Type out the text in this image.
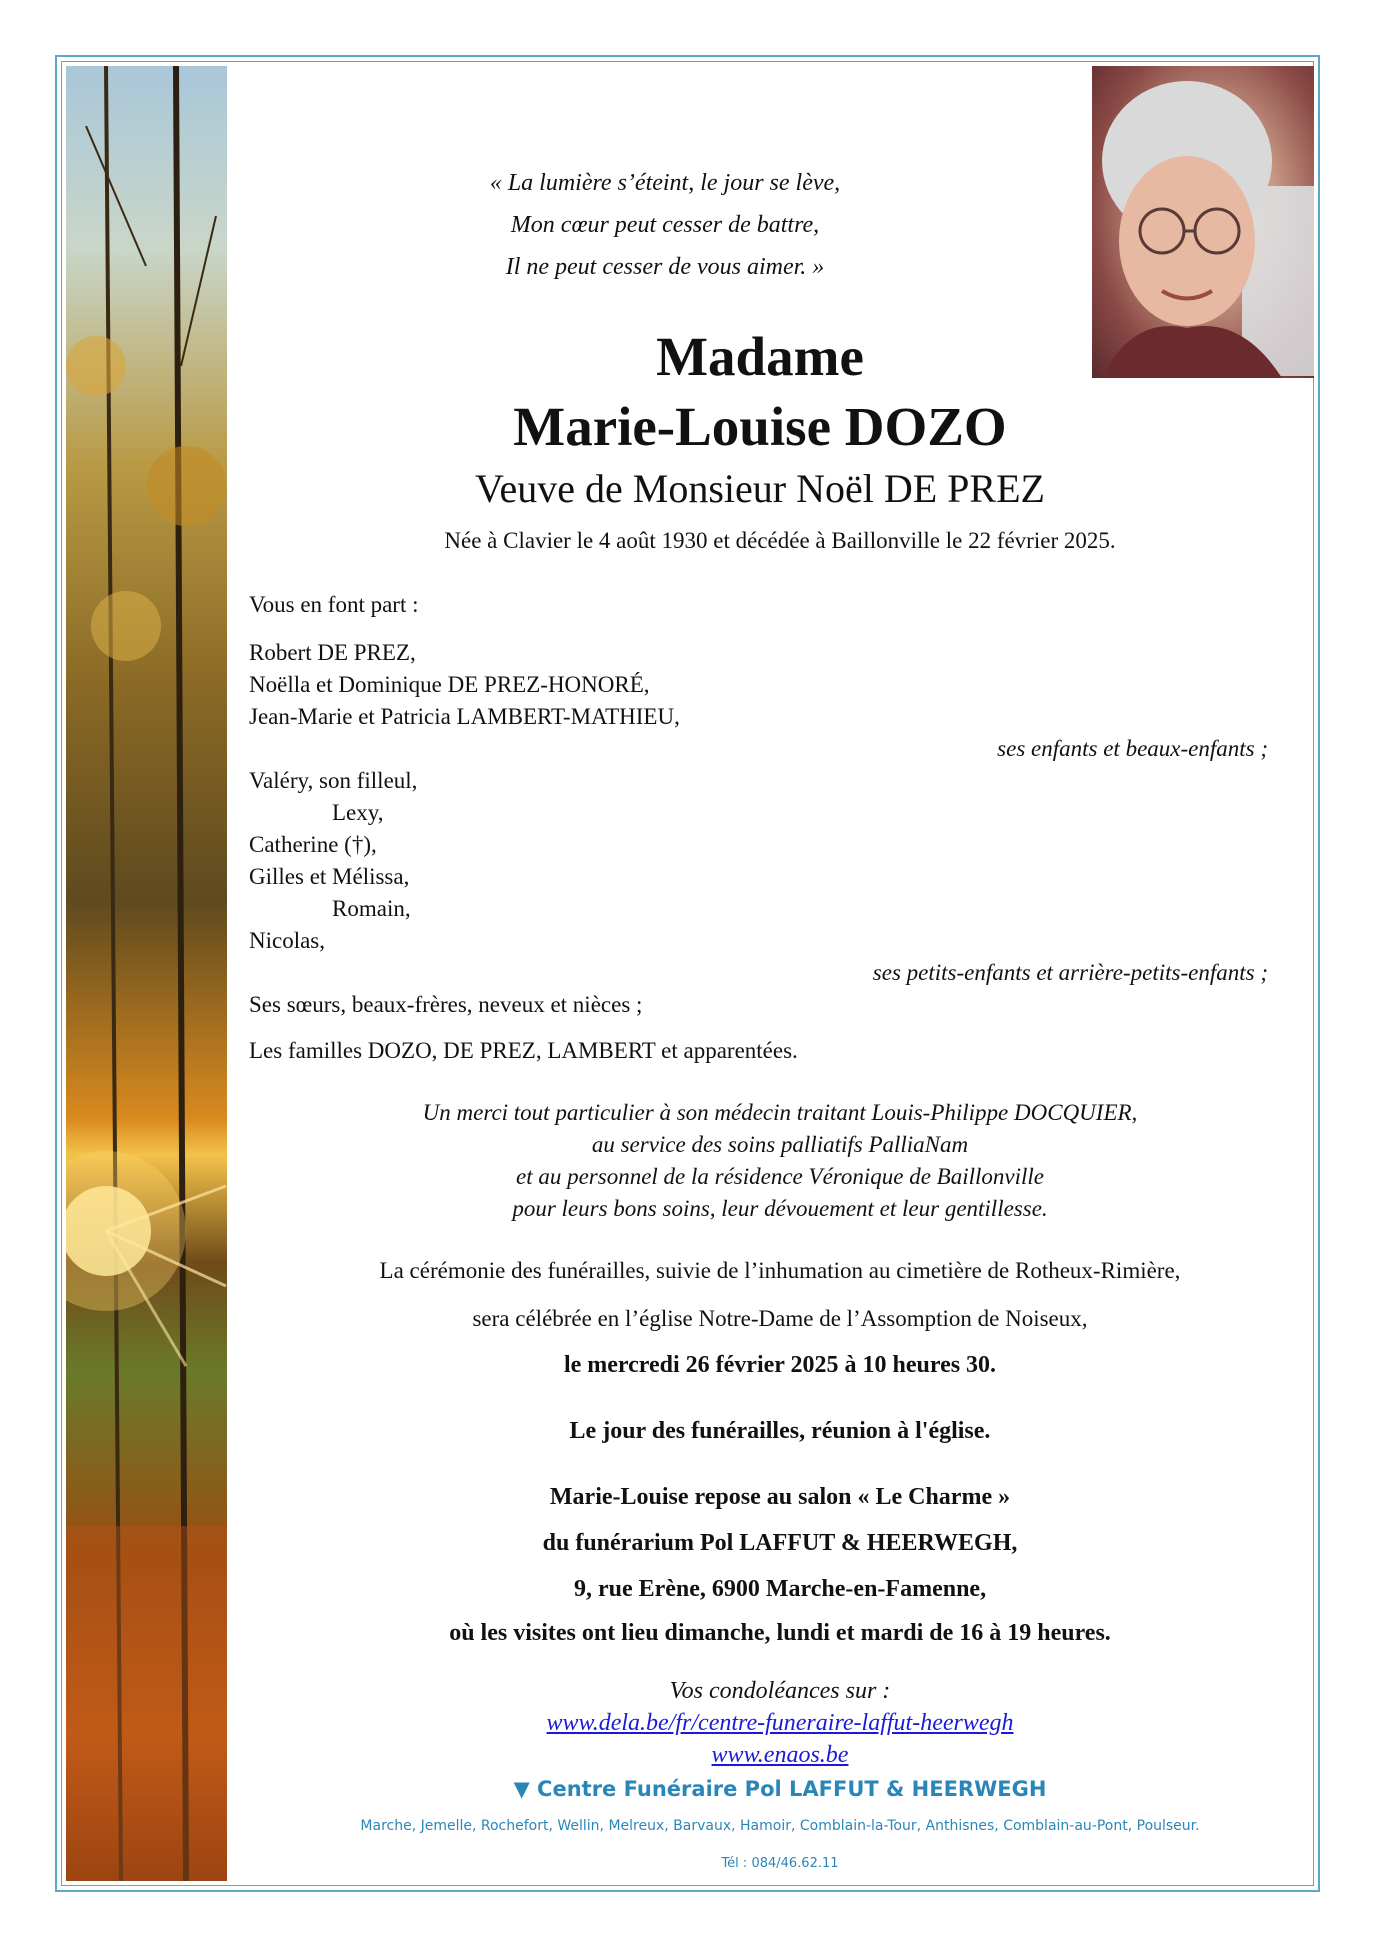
« La lumière s’éteint, le jour se lève,
Mon cœur peut cesser de battre,
Il ne peut cesser de vous aimer. »
Madame
Marie-Louise DOZO
Veuve de Monsieur Noël DE PREZ
Née à Clavier le 4 août 1930 et décédée à Baillonville le 22 février 2025.
Vous en font part :
Robert DE PREZ,
Noëlla et Dominique DE PREZ-HONORÉ,
Jean-Marie et Patricia LAMBERT-MATHIEU,
ses enfants et beaux-enfants ;
Valéry, son filleul,
Lexy,
Catherine (†),
Gilles et Mélissa,
Romain,
Nicolas,
ses petits-enfants et arrière-petits-enfants ;
Ses sœurs, beaux-frères, neveux et nièces ;
Les familles DOZO, DE PREZ, LAMBERT et apparentées.
Un merci tout particulier à son médecin traitant Louis-Philippe DOCQUIER,
au service des soins palliatifs PalliaNam
et au personnel de la résidence Véronique de Baillonville
pour leurs bons soins, leur dévouement et leur gentillesse.
La cérémonie des funérailles, suivie de l’inhumation au cimetière de Rotheux-Rimière,
sera célébrée en l’église Notre-Dame de l’Assomption de Noiseux,
le mercredi 26 février 2025 à 10 heures 30.
Le jour des funérailles, réunion à l'église.
Marie-Louise repose au salon « Le Charme »
du funérarium Pol LAFFUT & HEERWEGH,
9, rue Erène, 6900 Marche-en-Famenne,
où les visites ont lieu dimanche, lundi et mardi de 16 à 19 heures.
Vos condoléances sur :
www.dela.be/fr/centre-funeraire-laffut-heerwegh
www.enaos.be
▼ Centre Funéraire Pol LAFFUT & HEERWEGH
Marche, Jemelle, Rochefort, Wellin, Melreux, Barvaux, Hamoir, Comblain-la-Tour, Anthisnes, Comblain-au-Pont, Poulseur.
Tél : 084/46.62.11
